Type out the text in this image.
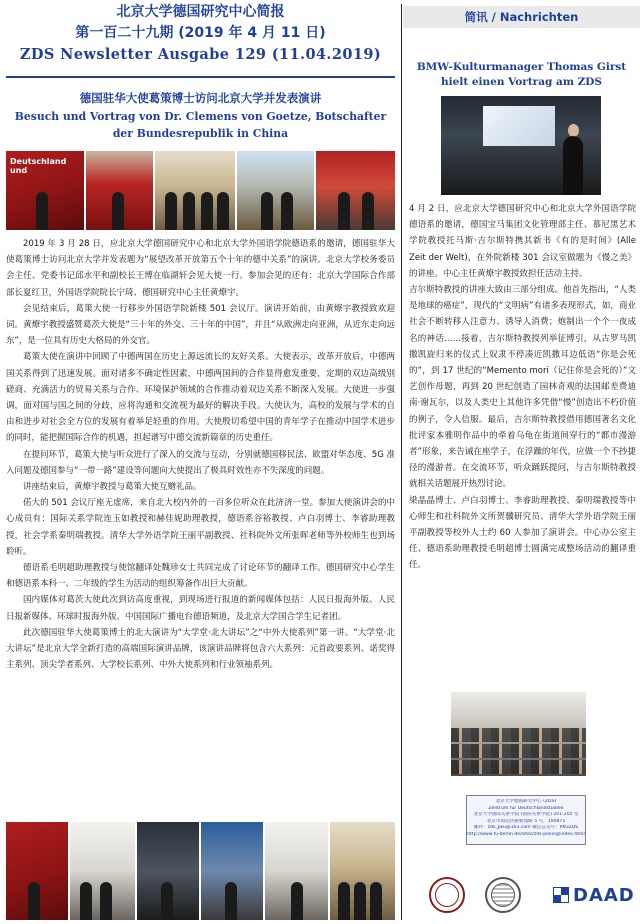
北京大学德国研究中心简报
第一百二十九期 (2019 年 4 月 11 日)
ZDS Newsletter Ausgabe 129 (11.04.2019)
德国驻华大使葛策博士访问北京大学并发表演讲
Besuch und Vortrag von Dr. Clemens von Goetze, Botschafter der Bundesrepublik in China
Deutschland und

2019 年 3 月 28 日，应北京大学德国研究中心和北京大学外国语学院德语系的邀请，德国驻华大使葛策博士访问北京大学并发表题为“展望改革开放第五个十年的德中关系”的演讲。北京大学校务委员会主任、党委书记邱水平和副校长王博在临湖轩会见大使一行。参加会见的还有：北京大学国际合作部部长夏红卫，外国语学院院长宁琦、德国研究中心主任黄燎宇。

会见结束后，葛策大使一行移步外国语学院新楼 501 会议厅。演讲开始前，由黄燎宇教授致欢迎词。黄燎宇教授盛赞葛茨大使是“三十年的外交、三十年的中国”，并且“从欧洲走向亚洲，从近东走向远东”，是一位具有历史大格局的外交官。

葛策大使在演讲中回顾了中德两国在历史上源远流长的友好关系。大使表示，改革开放后，中德两国关系得到了迅速发展。面对诸多不确定性因素，中德两国间的合作显得愈发重要，定期的双边高级别磋商、充满活力的贸易关系与合作、环境保护领域的合作推动着双边关系不断深入发展。大使进一步强调，面对国与国之间的分歧，应将沟通和交流视为最好的解决手段。大使认为，高校的发展与学术的自由和进步对社会全方位的发展有着举足轻重的作用。大使殷切希望中国的青年学子在推动中国学术进步的同时，能把握国际合作的机遇，担起谱写中德交流新篇章的历史重任。

在提问环节，葛策大使与听众进行了深入的交流与互动，分别就德国移民法、欧盟对华态度、5G 准入问题及德国参与“一带一路”建设等问题向大使提出了极具时效性亦不失深度的问题。

讲座结束后，黄燎宇教授与葛策大使互赠礼品。

偌大的 501 会议厅座无虚席，来自北大校内外的一百多位听众在此济济一堂。参加大使演讲会的中心成员有：国际关系学院连玉如教授和赫佳妮助理教授，德语系谷裕教授、卢白羽博士、李睿助理教授，社会学系秦明瑞教授。清华大学外语学院王丽平副教授、社科院外文所张晖老师等外校师生也到场聆听。

德语系毛明超助理教授与使馆翻译处魏珍女士共同完成了讨论环节的翻译工作。德国研究中心学生和德语系本科一、二年级的学生为活动的组织筹备作出巨大贡献。

国内媒体对葛茨大使此次到访高度重视，到现场进行报道的新闻媒体包括：人民日报海外版、人民日报新媒体、环球时报海外版、中国国际广播电台德语频道，及北京大学国合学生记者团。

此次德国驻华大使葛策博士的北大演讲为“大学堂·北大讲坛”之“中外大使系列”第一讲。“大学堂·北大讲坛”是北京大学全新打造的高端国际演讲品牌，该演讲品牌将包含六大系列：元首政要系列、诺奖得主系列、顶尖学者系列、大学校长系列、中外大使系列和行业领袖系列。

简讯 / Nachrichten
BMW-Kulturmanager Thomas Girst hielt einen Vortrag am ZDS

4 月 2 日，应北京大学德国研究中心和北京大学外国语学院德语系的邀请，德国宝马集团文化管理部主任、慕尼黑艺术学院教授托马斯·吉尔斯特携其新书《有的是时间》(Alle Zeit der Welt)，在外院新楼 301 会议室做题为《慢之美》的讲座。中心主任黄燎宇教授致担任活动主持。

吉尔斯特教授的讲座大致由三部分组成。他首先指出，“人类是地球的癌症”，现代的“文明病”有诸多表现形式，如，商业社会不断转移人注意力、诱导人消费；炮制出一个个一夜成名的神话……接着，吉尔斯特教授列举征博引，从古罗马凯撒凯旋归来的仪式上奴隶不停凑近凯撒耳边低语“你是会死的”，到 17 世纪的“Memento mori（记住你是会死的）”文艺创作母题，再到 20 世纪创造了园林奇观的法国邮差费迪南·谢瓦尔，以及人类史上其他许多凭借“慢”创造出不朽价值的例子，令人信服。最后，吉尔斯特教授借用德国著名文化批评家本雅明作品中的牵着乌龟在街道间穿行的“都市漫游者”形象，来告诫在座学子，在浮躁的年代，应做一个不抄捷径的漫游者。在交流环节，听众踊跃提问，与吉尔斯特教授就相关话题展开热烈讨论。

梁晶晶博士、卢白羽博士、李睿助理教授、秦明瑞教授等中心师生和社科院外文所贺骥研究员、清华大学外语学院王丽平副教授等校外人士约 60 人参加了演讲会。中心办公室主任、德语系助理教授毛明超博士圆满完成整场活动的翻译重任。

北京大学德国研究中心 (ZDS)
Zentrum für Deutschlandstudien
北京大学国际关系学院 (国际关系学院) 201-205 室
北京市海淀区颐和园路 5 号，100871
邮件：zds_pku@163.com 微信公众号：PKUZDS
http://www.fu-berlin.de/sites/zds-peking/index.html
DAAD
